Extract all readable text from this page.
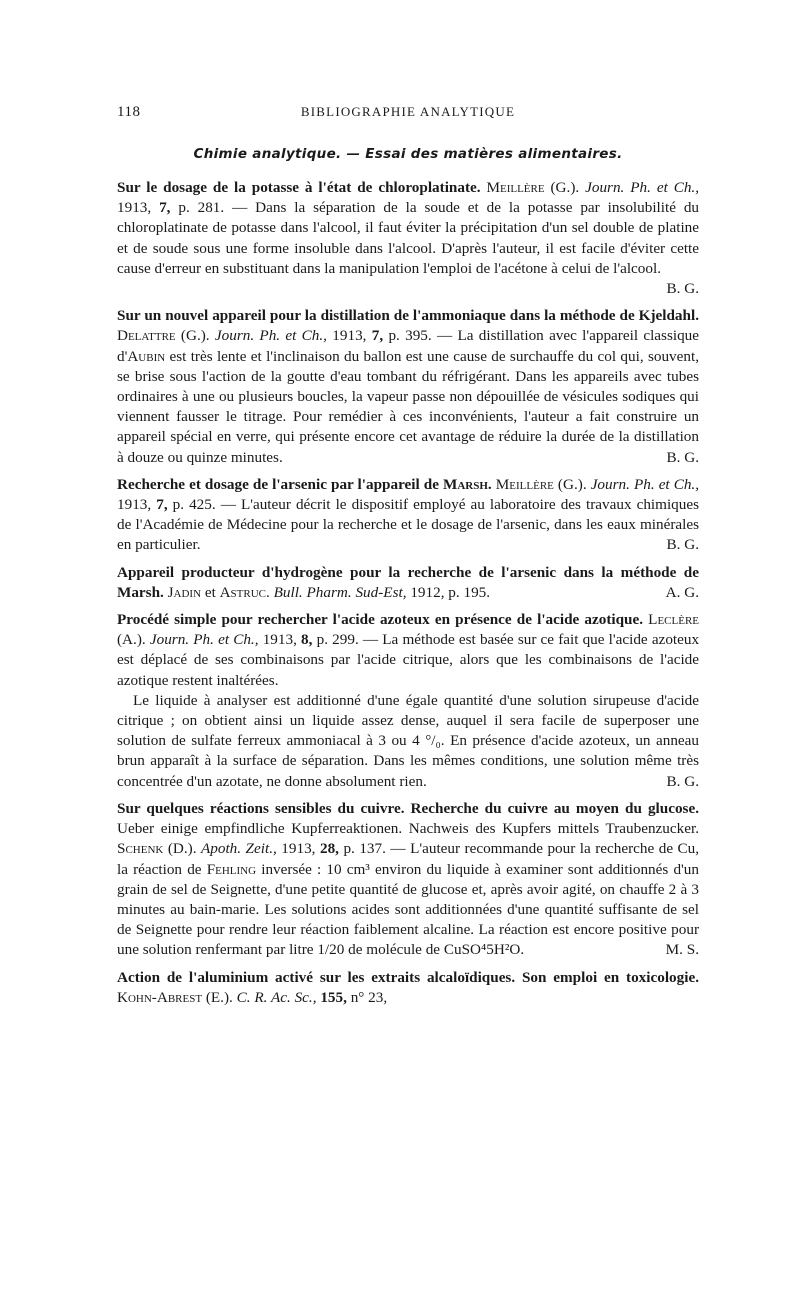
118	BIBLIOGRAPHIE ANALYTIQUE
Chimie analytique. — Essai des matières alimentaires.
Sur le dosage de la potasse à l'état de chloroplatinate. Meillère (G.). Journ. Ph. et Ch., 1913, 7, p. 281. — Dans la séparation de la soude et de la potasse par insolubilité du chloroplatinate de potasse dans l'alcool, il faut éviter la précipitation d'un sel double de platine et de soude sous une forme insoluble dans l'alcool. D'après l'auteur, il est facile d'éviter cette cause d'erreur en substituant dans la manipulation l'emploi de l'acétone à celui de l'alcool.
B. G.
Sur un nouvel appareil pour la distillation de l'ammoniaque dans la méthode de Kjeldahl. Delattre (G.). Journ. Ph. et Ch., 1913, 7, p. 395. — La distillation avec l'appareil classique d'Aubin est très lente et l'inclinaison du ballon est une cause de surchauffe du col qui, souvent, se brise sous l'action de la goutte d'eau tombant du réfrigérant. Dans les appareils avec tubes ordinaires à une ou plusieurs boucles, la vapeur passe non dépouillée de vésicules sodiques qui viennent fausser le titrage. Pour remédier à ces inconvénients, l'auteur a fait construire un appareil spécial en verre, qui présente encore cet avantage de réduire la durée de la distillation à douze ou quinze minutes.	B. G.
Recherche et dosage de l'arsenic par l'appareil de Marsh. Meillère (G.). Journ. Ph. et Ch., 1913, 7, p. 425. — L'auteur décrit le dispositif employé au laboratoire des travaux chimiques de l'Académie de Médecine pour la recherche et le dosage de l'arsenic, dans les eaux minérales en particulier.	B. G.
Appareil producteur d'hydrogène pour la recherche de l'arsenic dans la méthode de Marsh. Jadin et Astruc. Bull. Pharm. Sud-Est, 1912, p. 195.	A. G.
Procédé simple pour rechercher l'acide azoteux en présence de l'acide azotique. Leclère (A.). Journ. Ph. et Ch., 1913, 8, p. 299. — La méthode est basée sur ce fait que l'acide azoteux est déplacé de ses combinaisons par l'acide citrique, alors que les combinaisons de l'acide azotique restent inaltérées.
Le liquide à analyser est additionné d'une égale quantité d'une solution sirupeuse d'acide citrique ; on obtient ainsi un liquide assez dense, auquel il sera facile de superposer une solution de sulfate ferreux ammoniacal à 3 ou 4 °/₀. En présence d'acide azoteux, un anneau brun apparaît à la surface de séparation. Dans les mêmes conditions, une solution même très concentrée d'un azotate, ne donne absolument rien.	B. G.
Sur quelques réactions sensibles du cuivre. Recherche du cuivre au moyen du glucose. Ueber einige empfindliche Kupferreaktionen. Nachweis des Kupfers mittels Traubenzucker. Schenk (D.). Apoth. Zeit., 1913, 28, p. 137. — L'auteur recommande pour la recherche de Cu, la réaction de Fehling inversée : 10 cm³ environ du liquide à examiner sont additionnés d'un grain de sel de Seignette, d'une petite quantité de glucose et, après avoir agité, on chauffe 2 à 3 minutes au bain-marie. Les solutions acides sont additionnées d'une quantité suffisante de sel de Seignette pour rendre leur réaction faiblement alcaline. La réaction est encore positive pour une solution renfermant par litre 1/20 de molécule de CuSO⁴5H²O.	M. S.
Action de l'aluminium activé sur les extraits alcaloïdiques. Son emploi en toxicologie. Kohn-Abrest (E.). C. R. Ac. Sc., 155, n° 23,
